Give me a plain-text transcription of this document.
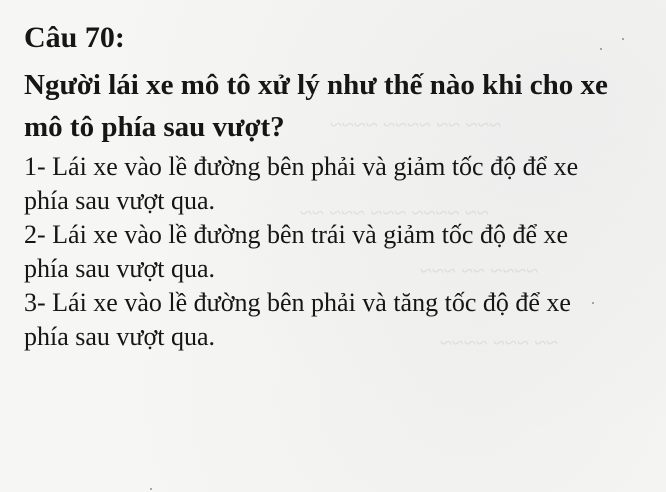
~~~ ~~ ~~~~ ~~~~
~~ ~~~~ ~~~ ~~~ ~~
~~~~ ~~ ~~~
~~ ~~~ ~~~~
Câu 70:
Người lái xe mô tô xử lý như thế nào khi cho xe
mô tô phía sau vượt?
1- Lái xe vào lề đường bên phải và giảm tốc độ để xe
phía sau vượt qua.
2- Lái xe vào lề đường bên trái và giảm tốc độ để xe
phía sau vượt qua.
3- Lái xe vào lề đường bên phải và tăng tốc độ để xe
phía sau vượt qua.
